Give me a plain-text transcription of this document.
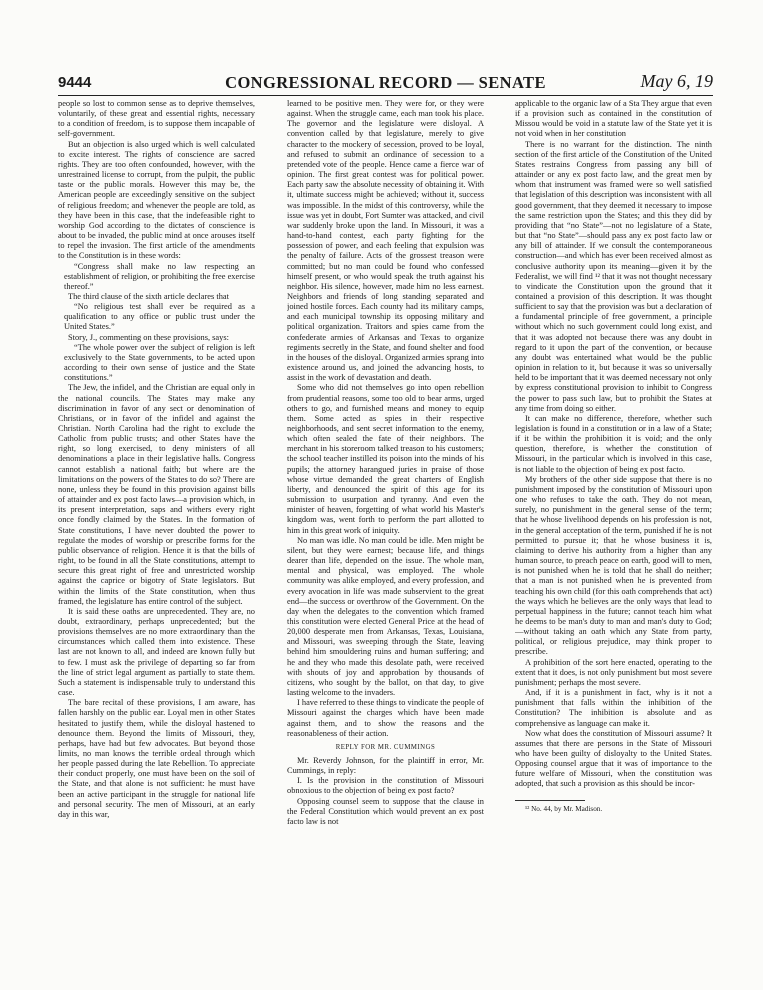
9444	CONGRESSIONAL RECORD — SENATE	May 6, 19

people so lost to common sense as to deprive themselves, voluntarily, of these great and essential rights, necessary to a condition of freedom, is to suppose them incapable of self-government.

But an objection is also urged which is well calculated to excite interest. The rights of conscience are sacred rights. They are too often confounded, however, with the unrestrained license to corrupt, from the pulpit, the public taste or the public morals. However this may be, the American people are exceedingly sensitive on the subject of religious freedom; and whenever the people are told, as they have been in this case, that the indefeasible right to worship God according to the dictates of conscience is about to be invaded, the public mind at once arouses itself to repel the invasion. The first article of the amendments to the Constitution is in these words:

“Congress shall make no law respecting an establishment of religion, or prohibiting the free exercise thereof.”

The third clause of the sixth article declares that

“No religious test shall ever be required as a qualification to any office or public trust under the United States.”

Story, J., commenting on these provisions, says:

“The whole power over the subject of religion is left exclusively to the State governments, to be acted upon according to their own sense of justice and the State constitutions.”

The Jew, the infidel, and the Christian are equal only in the national councils. The States may make any discrimination in favor of any sect or denomination of Christians, or in favor of the infidel and against the Christian. North Carolina had the right to exclude the Catholic from public trusts; and other States have the right, so long exercised, to deny ministers of all denominations a place in their legislative halls. Congress cannot establish a national faith; but where are the limitations on the powers of the States to do so? There are none, unless they be found in this provision against bills of attainder and ex post facto laws—a provision which, in its present interpretation, saps and withers every right once fondly claimed by the States. In the formation of State constitutions, I have never doubted the power to regulate the modes of worship or prescribe forms for the public observance of religion. Hence it is that the bills of right, to be found in all the State constitutions, attempt to secure this great right of free and unrestricted worship against the caprice or bigotry of State legislators. But within the limits of the State constitution, when thus framed, the legislature has entire control of the subject.

It is said these oaths are unprecedented. They are, no doubt, extraordinary, perhaps unprecedented; but the provisions themselves are no more extraordinary than the circumstances which called them into existence. These last are not known to all, and indeed are known fully but to few. I must ask the privilege of departing so far from the line of strict legal argument as partially to state them. Such a statement is indispensable truly to understand this case.

The bare recital of these provisions, I am aware, has fallen harshly on the public ear. Loyal men in other States hesitated to justify them, while the disloyal hastened to denounce them. Beyond the limits of Missouri, they, perhaps, have had but few advocates. But beyond those limits, no man knows the terrible ordeal through which her people passed during the late Rebellion. To appreciate their conduct properly, one must have been on the soil of the State, and that alone is not sufficient: he must have been an active participant in the struggle for national life and personal security. The men of Missouri, at an early day in this war,

learned to be positive men. They were for, or they were against. When the struggle came, each man took his place. The governor and the legislature were disloyal. A convention called by that legislature, merely to give character to the mockery of secession, proved to be loyal, and refused to submit an ordinance of secession to a pretended vote of the people. Hence came a fierce war of opinion. The first great contest was for political power. Each party saw the absolute necessity of obtaining it. With it, ultimate success might be achieved; without it, success was impossible. In the midst of this controversy, while the issue was yet in doubt, Fort Sumter was attacked, and civil war suddenly broke upon the land. In Missouri, it was a hand-to-hand contest, each party fighting for the possession of power, and each feeling that expulsion was the penalty of failure. Acts of the grossest treason were committed; but no man could be found who confessed himself present, or who would speak the truth against his neighbor. His silence, however, made him no less earnest. Neighbors and friends of long standing separated and joined hostile forces. Each county had its military camps, and each municipal township its opposing military and political organization. Traitors and spies came from the confederate armies of Arkansas and Texas to organize regiments secretly in the State, and found shelter and food in the houses of the disloyal. Organized armies sprang into existence around us, and joined the advancing hosts, to assist in the work of devastation and death.

Some who did not themselves go into open rebellion from prudential reasons, some too old to bear arms, urged others to go, and furnished means and money to equip them. Some acted as spies in their respective neighborhoods, and sent secret information to the enemy, which often sealed the fate of their neighbors. The merchant in his storeroom talked treason to his customers; the school teacher instilled its poison into the minds of his pupils; the attorney harangued juries in praise of those whose virtue demanded the great charters of English liberty, and denounced the spirit of this age for its submission to usurpation and tyranny. And even the minister of heaven, forgetting of what world his Master's kingdom was, went forth to perform the part allotted to him in this great work of iniquity.

No man was idle. No man could be idle. Men might be silent, but they were earnest; because life, and things dearer than life, depended on the issue. The whole man, mental and physical, was employed. The whole community was alike employed, and every profession, and every avocation in life was made subservient to the great end—the success or overthrow of the Government. On the day when the delegates to the convention which framed this constitution were elected General Price at the head of 20,000 desperate men from Arkansas, Texas, Louisiana, and Missouri, was sweeping through the State, leaving behind him smouldering ruins and human suffering; and he and they who made this desolate path, were received with shouts of joy and approbation by thousands of citizens, who sought by the ballot, on that day, to give lasting welcome to the invaders.

I have referred to these things to vindicate the people of Missouri against the charges which have been made against them, and to show the reasons and the reasonableness of their action.

REPLY FOR MR. CUMMINGS

Mr. Reverdy Johnson, for the plaintiff in error, Mr. Cummings, in reply:

I. Is the provision in the constitution of Missouri obnoxious to the objection of being ex post facto?

Opposing counsel seem to suppose that the clause in the Federal Constitution which would prevent an ex post facto law is not

applicable to the organic law of a Sta They argue that even if a provision such as contained in the constitution of Missou would be void in a statute law of the State yet it is not void when in her constitution

There is no warrant for the distinction. The ninth section of the first article of the Constitution of the United States restrains Congress from passing any bill of attainder or any ex post facto law, and the great men by whom that instrument was framed were so well satisfied that legislation of this description was inconsistent with all good government, that they deemed it necessary to impose the same restriction upon the States; and this they did by providing that “no State”—not no legislature of a State, but that “no State”—should pass any ex post facto law or any bill of attainder. If we consult the contemporaneous construction—and which has ever been received almost as conclusive authority upon its meaning—given it by the Federalist, we will find ¹² that it was not thought necessary to vindicate the Constitution upon the ground that it contained a provision of this description. It was thought sufficient to say that the provision was but a declaration of a fundamental principle of free government, a principle without which no such government could long exist, and that it was adopted not because there was any doubt in regard to it upon the part of the convention, or because any doubt was entertained what would be the public opinion in relation to it, but because it was so universally held to be important that it was deemed necessary not only by express constitutional provision to inhibit to Congress the power to pass such law, but to prohibit the States at any time from doing so either.

It can make no difference, therefore, whether such legislation is found in a constitution or in a law of a State; if it be within the prohibition it is void; and the only question, therefore, is whether the constitution of Missouri, in the particular which is involved in this case, is not liable to the objection of being ex post facto.

My brothers of the other side suppose that there is no punishment imposed by the constitution of Missouri upon one who refuses to take the oath. They do not mean, surely, no punishment in the general sense of the term; that he whose livelihood depends on his profession is not, in the general acceptation of the term, punished if he is not permitted to pursue it; that he whose business it is, claiming to derive his authority from a higher than any human source, to preach peace on earth, good will to men, is not punished when he is told that he shall do neither; that a man is not punished when he is prevented from teaching his own child (for this oath comprehends that act) the ways which he believes are the only ways that lead to perpetual happiness in the future; cannot teach him what he deems to be man's duty to man and man's duty to God;—without taking an oath which any State from party, political, or religious prejudice, may think proper to prescribe.

A prohibition of the sort here enacted, operating to the extent that it does, is not only punishment but most severe punishment; perhaps the most severe.

And, if it is a punishment in fact, why is it not a punishment that falls within the inhibition of the Constitution? The inhibition is absolute and as comprehensive as language can make it.

Now what does the constitution of Missouri assume? It assumes that there are persons in the State of Missouri who have been guilty of disloyalty to the United States. Opposing counsel argue that it was of importance to the future welfare of Missouri, when the constitution was adopted, that such a provision as this should be incor-

¹² No. 44, by Mr. Madison.
